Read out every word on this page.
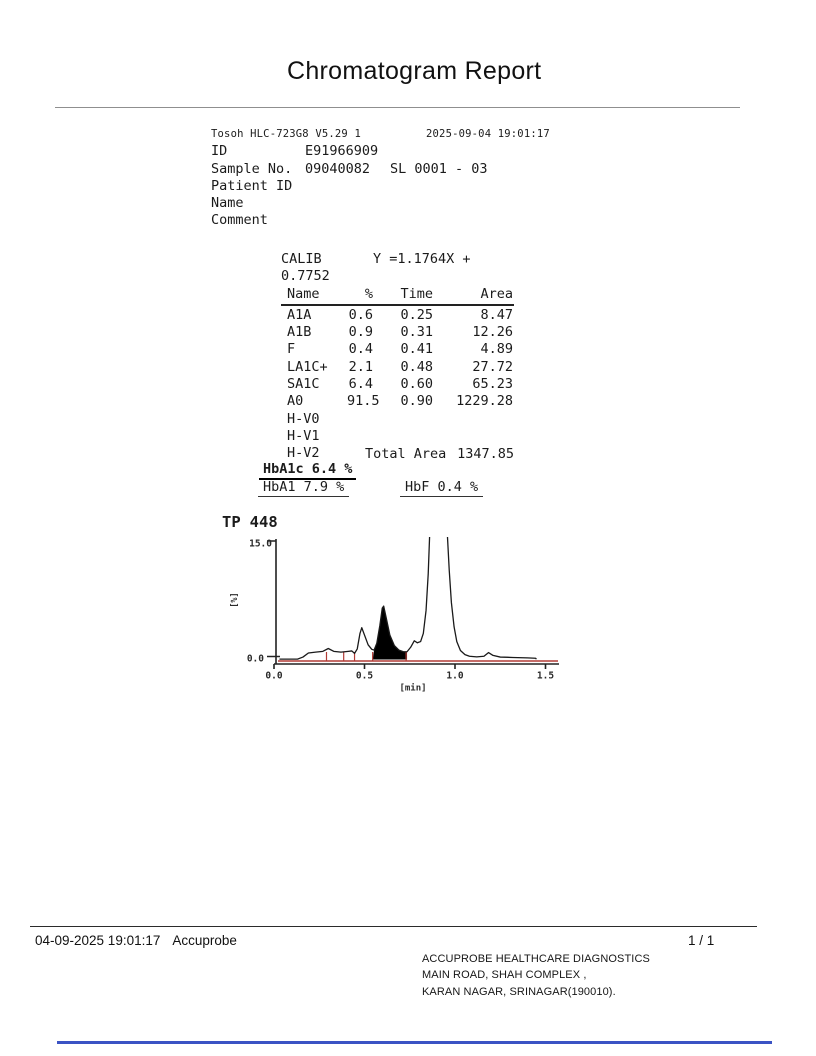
Chromatogram Report
Tosoh HLC-723G8 V5.29 1	2025-09-04 19:01:17
ID	E91966909
Sample No. 09040082 SL 0001 - 03
Patient ID
Name
Comment
CALIB	Y =1.1764X + 0.7752
Name	%	Time	Area
A1A	0.6	0.25	8.47
A1B	0.9	0.31	12.26
F	0.4	0.41	4.89
LA1C+	2.1	0.48	27.72
SA1C	6.4	0.60	65.23
A0	91.5	0.90	1229.28
H-V0
H-V1
H-V2	Total Area 1347.85
HbA1c 6.4 %
HbA1 7.9 %	HbF 0.4 %
TP 448
15.0
0.0
0.0	0.5	1.0	1.5
[min]
[%]
04-09-2025 19:01:17 Accuprobe	1 / 1
ACCUPROBE HEALTHCARE DIAGNOSTICS
MAIN ROAD, SHAH COMPLEX ,
KARAN NAGAR, SRINAGAR(190010).
